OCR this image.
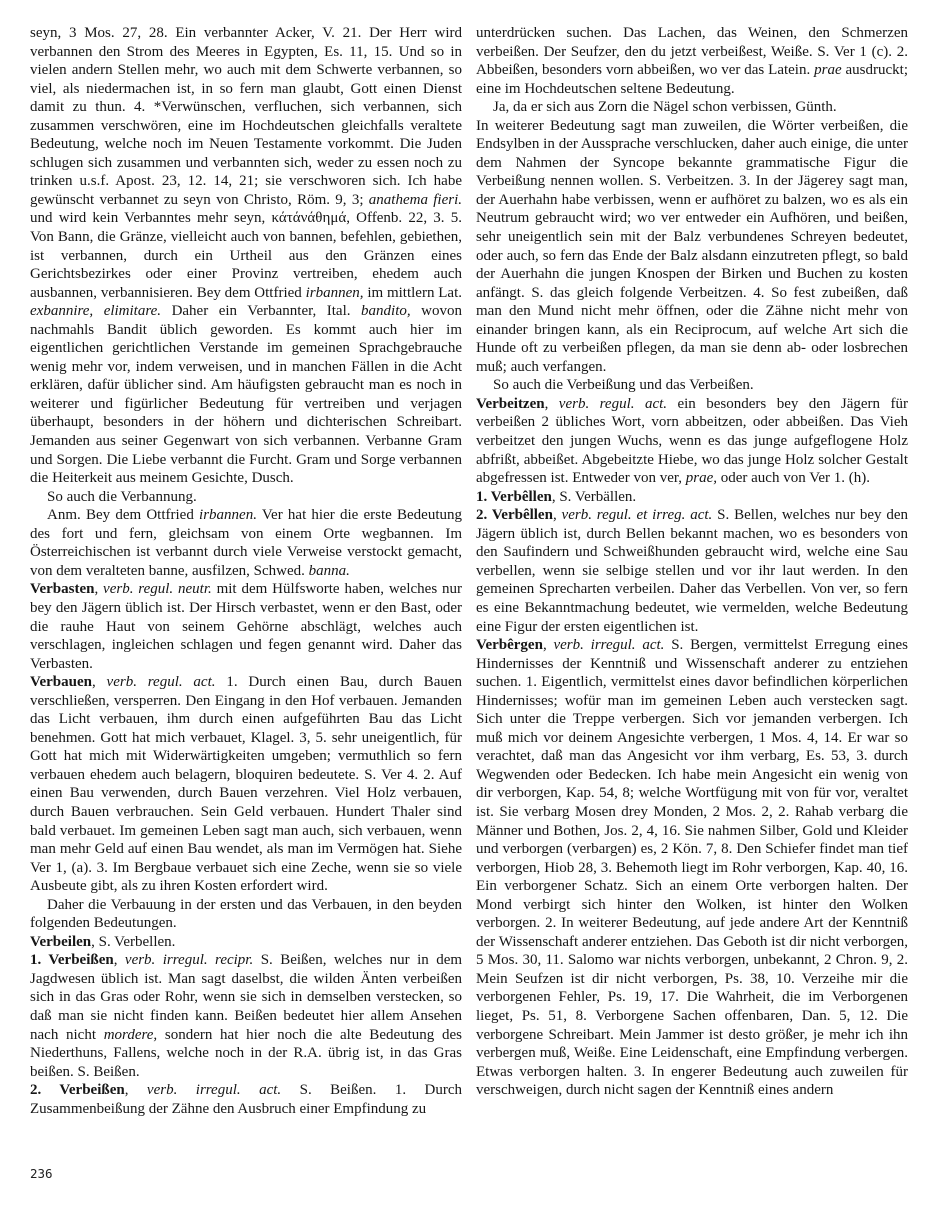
seyn, 3 Mos. 27, 28. Ein verbannter Acker, V. 21. Der Herr wird verbannen den Strom des Meeres in Egypten, Es. 11, 15. Und so in vielen andern Stellen mehr, wo auch mit dem Schwerte verbannen, so viel, als niedermachen ist, in so fern man glaubt, Gott einen Dienst damit zu thun. 4. *Verwünschen, verfluchen, sich verbannen, sich zusammen verschwören, eine im Hochdeutschen gleichfalls veraltete Bedeutung, welche noch im Neuen Testamente vorkommt. Die Juden schlugen sich zusammen und verbannten sich, weder zu essen noch zu trinken u.s.f. Apost. 23, 12. 14, 21; sie verschworen sich. Ich habe gewünscht verbannet zu seyn von Christo, Röm. 9, 3; anathema fieri. und wird kein Verbanntes mehr seyn, κάτάνάθημά, Offenb. 22, 3. 5. Von Bann, die Gränze, vielleicht auch von bannen, befehlen, gebiethen, ist verbannen, durch ein Urtheil aus den Gränzen eines Gerichtsbezirkes oder einer Provinz vertreiben, ehedem auch ausbannen, verbannisieren. Bey dem Ottfried irbannen, im mittlern Lat. exbannire, elimitare. Daher ein Verbannter, Ital. bandito, wovon nachmahls Bandit üblich geworden. Es kommt auch hier im eigentlichen gerichtlichen Verstande im gemeinen Sprachgebrauche wenig mehr vor, indem verweisen, und in manchen Fällen in die Acht erklären, dafür üblicher sind. Am häufigsten gebraucht man es noch in weiterer und figürlicher Bedeutung für vertreiben und verjagen überhaupt, besonders in der höhern und dichterischen Schreibart. Jemanden aus seiner Gegenwart von sich verbannen. Verbanne Gram und Sorgen. Die Liebe verbannt die Furcht. Gram und Sorge verbannen die Heiterkeit aus meinem Gesichte, Dusch.

So auch die Verbannung.

Anm. Bey dem Ottfried irbannen. Ver hat hier die erste Bedeutung des fort und fern, gleichsam von einem Orte wegbannen. Im Österreichischen ist verbannt durch viele Verweise verstockt gemacht, von dem veralteten banne, ausfilzen, Schwed. banna.

Verbasten, verb. regul. neutr. mit dem Hülfsworte haben, welches nur bey den Jägern üblich ist. Der Hirsch verbastet, wenn er den Bast, oder die rauhe Haut von seinem Gehörne abschlägt, welches auch verschlagen, ingleichen schlagen und fegen genannt wird. Daher das Verbasten.

Verbauen, verb. regul. act. 1. Durch einen Bau, durch Bauen verschließen, versperren. Den Eingang in den Hof verbauen. Jemanden das Licht verbauen, ihm durch einen aufgeführten Bau das Licht benehmen. Gott hat mich verbauet, Klagel. 3, 5. sehr uneigentlich, für Gott hat mich mit Widerwärtigkeiten umgeben; vermuthlich so fern verbauen ehedem auch belagern, bloquiren bedeutete. S. Ver 4. 2. Auf einen Bau verwenden, durch Bauen verzehren. Viel Holz verbauen, durch Bauen verbrauchen. Sein Geld verbauen. Hundert Thaler sind bald verbauet. Im gemeinen Leben sagt man auch, sich verbauen, wenn man mehr Geld auf einen Bau wendet, als man im Vermögen hat. Siehe Ver 1, (a). 3. Im Bergbaue verbauet sich eine Zeche, wenn sie so viele Ausbeute gibt, als zu ihren Kosten erfordert wird.

Daher die Verbauung in der ersten und das Verbauen, in den beyden folgenden Bedeutungen.

Verbeilen, S. Verbellen.

1. Verbeißen, verb. irregul. recipr. S. Beißen, welches nur in dem Jagdwesen üblich ist. Man sagt daselbst, die wilden Änten verbeißen sich in das Gras oder Rohr, wenn sie sich in demselben verstecken, so daß man sie nicht finden kann. Beißen bedeutet hier allem Ansehen nach nicht mordere, sondern hat hier noch die alte Bedeutung des Niederthuns, Fallens, welche noch in der R.A. übrig ist, in das Gras beißen. S. Beißen.

2. Verbeißen, verb. irregul. act. S. Beißen. 1. Durch Zusammenbeißung der Zähne den Ausbruch einer Empfindung zu

unterdrücken suchen. Das Lachen, das Weinen, den Schmerzen verbeißen. Der Seufzer, den du jetzt verbeißest, Weiße. S. Ver 1 (c). 2. Abbeißen, besonders vorn abbeißen, wo ver das Latein. prae ausdruckt; eine im Hochdeutschen seltene Bedeutung.

Ja, da er sich aus Zorn die Nägel schon verbissen, Günth.

In weiterer Bedeutung sagt man zuweilen, die Wörter verbeißen, die Endsylben in der Aussprache verschlucken, daher auch einige, die unter dem Nahmen der Syncope bekannte grammatische Figur die Verbeißung nennen wollen. S. Verbeitzen. 3. In der Jägerey sagt man, der Auerhahn habe verbissen, wenn er aufhöret zu balzen, wo es als ein Neutrum gebraucht wird; wo ver entweder ein Aufhören, und beißen, sehr uneigentlich sein mit der Balz verbundenes Schreyen bedeutet, oder auch, so fern das Ende der Balz alsdann einzutreten pflegt, so bald der Auerhahn die jungen Knospen der Birken und Buchen zu kosten anfängt. S. das gleich folgende Verbeitzen. 4. So fest zubeißen, daß man den Mund nicht mehr öffnen, oder die Zähne nicht mehr von einander bringen kann, als ein Reciprocum, auf welche Art sich die Hunde oft zu verbeißen pflegen, da man sie denn ab- oder losbrechen muß; auch verfangen.

So auch die Verbeißung und das Verbeißen.

Verbeitzen, verb. regul. act. ein besonders bey den Jägern für verbeißen 2 übliches Wort, vorn abbeitzen, oder abbeißen. Das Vieh verbeitzet den jungen Wuchs, wenn es das junge aufgeflogene Holz abfrißt, abbeißet. Abgebeitzte Hiebe, wo das junge Holz solcher Gestalt abgefressen ist. Entweder von ver, prae, oder auch von Ver 1. (h).

1. Verbêllen, S. Verbällen.

2. Verbêllen, verb. regul. et irreg. act. S. Bellen, welches nur bey den Jägern üblich ist, durch Bellen bekannt machen, wo es besonders von den Saufindern und Schweißhunden gebraucht wird, welche eine Sau verbellen, wenn sie selbige stellen und vor ihr laut werden. In den gemeinen Sprecharten verbeilen. Daher das Verbellen. Von ver, so fern es eine Bekanntmachung bedeutet, wie vermelden, welche Bedeutung eine Figur der ersten eigentlichen ist.

Verbêrgen, verb. irregul. act. S. Bergen, vermittelst Erregung eines Hindernisses der Kenntniß und Wissenschaft anderer zu entziehen suchen. 1. Eigentlich, vermittelst eines davor befindlichen körperlichen Hindernisses; wofür man im gemeinen Leben auch verstecken sagt. Sich unter die Treppe verbergen. Sich vor jemanden verbergen. Ich muß mich vor deinem Angesichte verbergen, 1 Mos. 4, 14. Er war so verachtet, daß man das Angesicht vor ihm verbarg, Es. 53, 3. durch Wegwenden oder Bedecken. Ich habe mein Angesicht ein wenig von dir verborgen, Kap. 54, 8; welche Wortfügung mit von für vor, veraltet ist. Sie verbarg Mosen drey Monden, 2 Mos. 2, 2. Rahab verbarg die Männer und Bothen, Jos. 2, 4, 16. Sie nahmen Silber, Gold und Kleider und verborgen (verbargen) es, 2 Kön. 7, 8. Den Schiefer findet man tief verborgen, Hiob 28, 3. Behemoth liegt im Rohr verborgen, Kap. 40, 16. Ein verborgener Schatz. Sich an einem Orte verborgen halten. Der Mond verbirgt sich hinter den Wolken, ist hinter den Wolken verborgen. 2. In weiterer Bedeutung, auf jede andere Art der Kenntniß der Wissenschaft anderer entziehen. Das Geboth ist dir nicht verborgen, 5 Mos. 30, 11. Salomo war nichts verborgen, unbekannt, 2 Chron. 9, 2. Mein Seufzen ist dir nicht verborgen, Ps. 38, 10. Verzeihe mir die verborgenen Fehler, Ps. 19, 17. Die Wahrheit, die im Verborgenen lieget, Ps. 51, 8. Verborgene Sachen offenbaren, Dan. 5, 12. Die verborgene Schreibart. Mein Jammer ist desto größer, je mehr ich ihn verbergen muß, Weiße. Eine Leidenschaft, eine Empfindung verbergen. Etwas verborgen halten. 3. In engerer Bedeutung auch zuweilen für verschweigen, durch nicht sagen der Kenntniß eines andern

236
